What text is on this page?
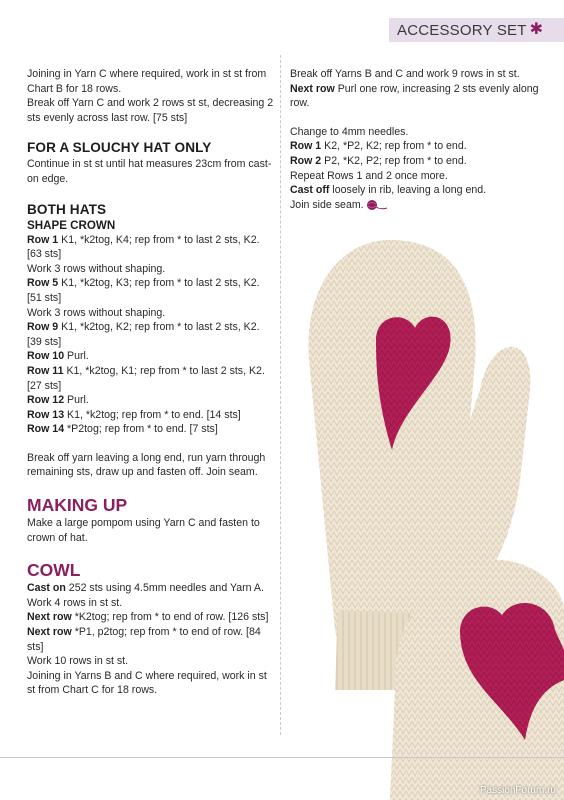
ACCESSORY SET ✱

Joining in Yarn C where required, work in st st from Chart B for 18 rows.

Break off Yarn C and work 2 rows st st, decreasing 2 sts evenly across last row. [75 sts]

FOR A SLOUCHY HAT ONLY

Continue in st st until hat measures 23cm from cast-on edge.

BOTH HATS

SHAPE CROWN

Row 1 K1, *k2tog, K4; rep from * to last 2 sts, K2. [63 sts]

Work 3 rows without shaping.

Row 5 K1, *k2tog, K3; rep from * to last 2 sts, K2. [51 sts]

Work 3 rows without shaping.

Row 9 K1, *k2tog, K2; rep from * to last 2 sts, K2. [39 sts]

Row 10 Purl.

Row 11 K1, *k2tog, K1; rep from * to last 2 sts, K2. [27 sts]

Row 12 Purl.

Row 13 K1, *k2tog; rep from * to end. [14 sts]

Row 14 *P2tog; rep from * to end. [7 sts]

Break off yarn leaving a long end, run yarn through remaining sts, draw up and fasten off. Join seam.

MAKING UP

Make a large pompom using Yarn C and fasten to crown of hat.

COWL

Cast on 252 sts using 4.5mm needles and Yarn A.

Work 4 rows in st st.

Next row *K2tog; rep from * to end of row. [126 sts]

Next row *P1, p2tog; rep from * to end of row. [84 sts]

Work 10 rows in st st.

Joining in Yarns B and C where required, work in st st from Chart C for 18 rows.

Break off Yarns B and C and work 9 rows in st st.

Next row Purl one row, increasing 2 sts evenly along row.

Change to 4mm needles.

Row 1 K2, *P2, K2; rep from * to end.

Row 2 P2, *K2, P2; rep from * to end.

Repeat Rows 1 and 2 once more.

Cast off loosely in rib, leaving a long end.

Join side seam.

PassionForum.ru
